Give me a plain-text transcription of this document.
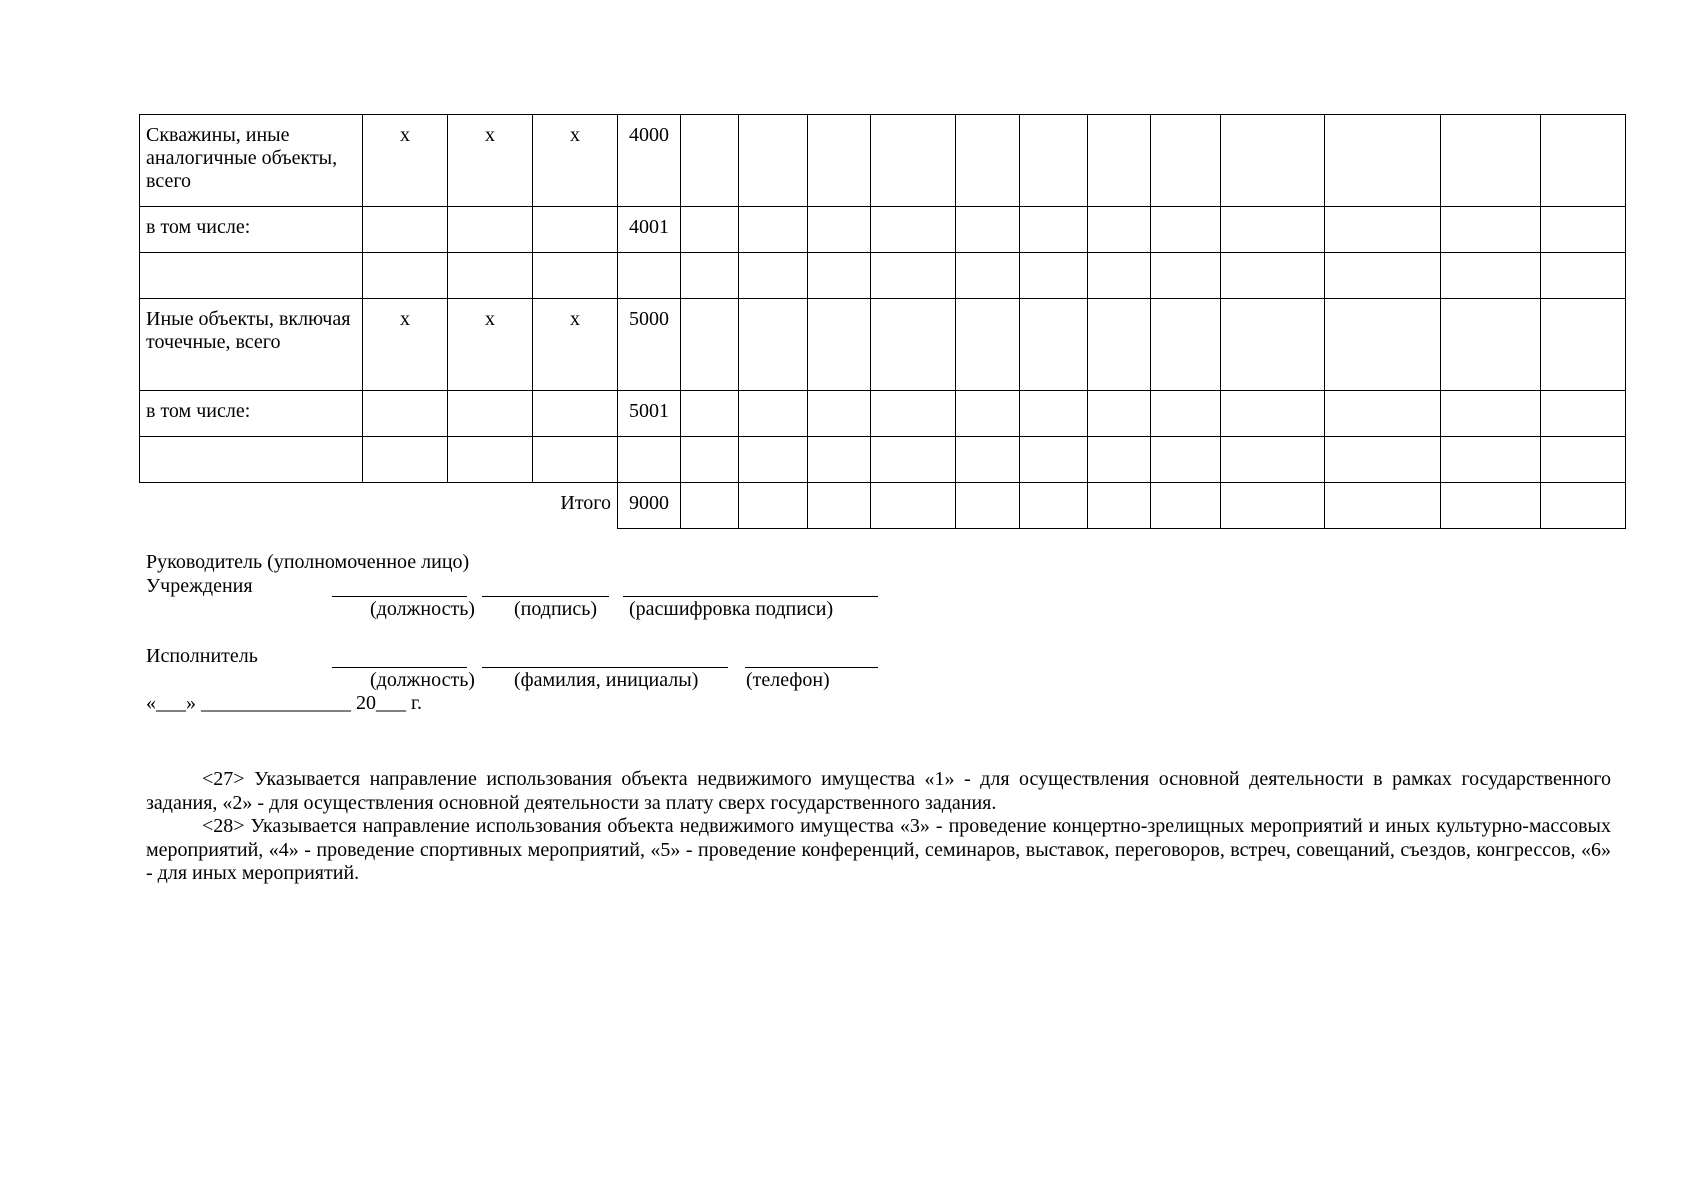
Скважины, иные аналогичные объекты, всего	х	х	х	4000												
в том числе:				4001												

Иные объекты, включая точечные, всего	х	х	х	5000												
в том числе:				5001												

Итого				9000												
Руководитель (уполномоченное лицо)
Учреждения
(должность) (подпись) (расшифровка подписи)
Исполнитель
(должность) (фамилия, инициалы) (телефон)
«___» _______________ 20___ г.

<27> Указывается направление использования объекта недвижимого имущества «1» - для осуществления основной деятельности в рамках государственного задания, «2» - для осуществления основной деятельности за плату сверх государственного задания.

<28> Указывается направление использования объекта недвижимого имущества «3» - проведение концертно-зрелищных мероприятий и иных культурно-массовых мероприятий, «4» - проведение спортивных мероприятий, «5» - проведение конференций, семинаров, выставок, переговоров, встреч, совещаний, съездов, конгрессов, «6» - для иных мероприятий.
